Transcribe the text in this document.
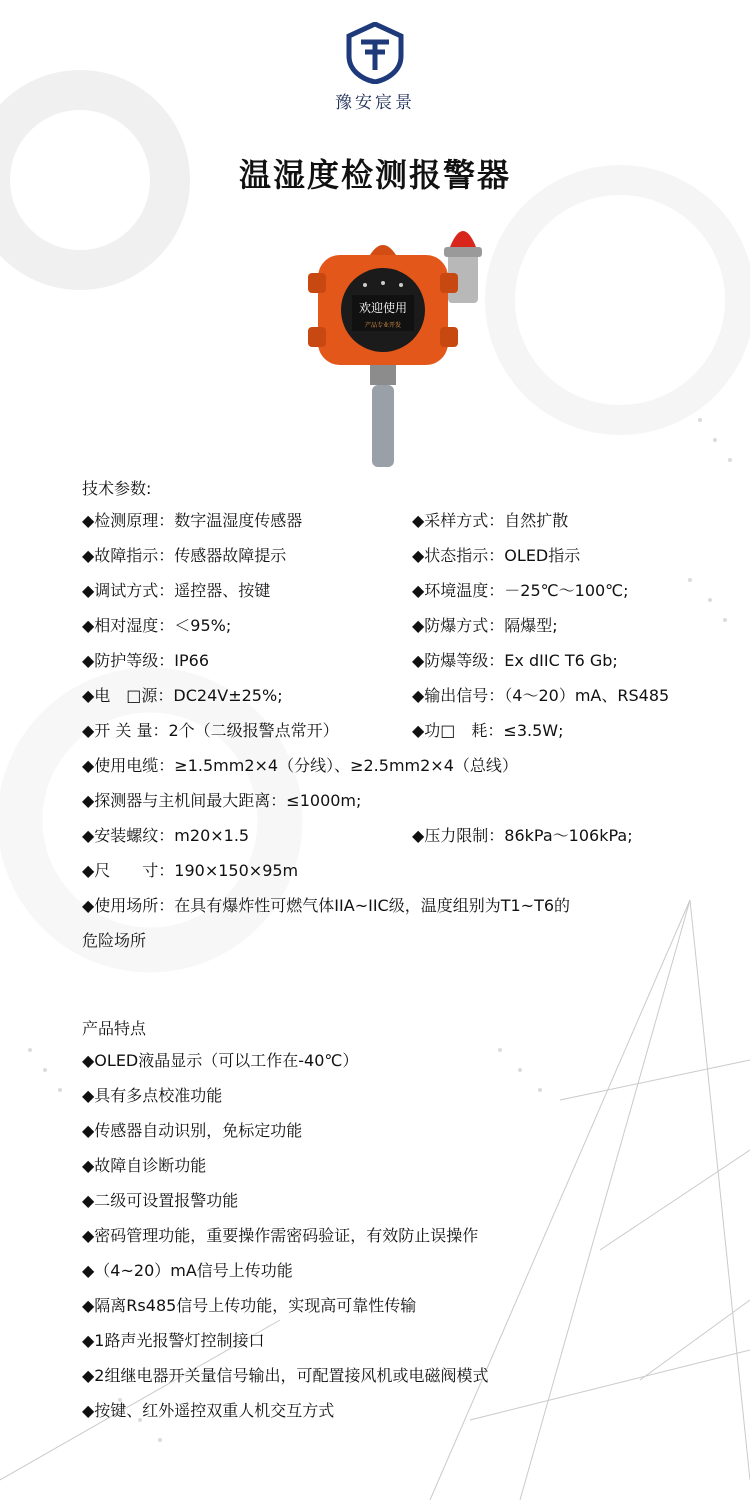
豫安宸景
温湿度检测报警器
欢迎使用
产品专业开发
技术参数:
◆检测原理：数字温湿度传感器	◆采样方式：自然扩散
◆故障指示：传感器故障提示	◆状态指示：OLED指示
◆调试方式：遥控器、按键	◆环境温度：－25℃～100℃;
◆相对湿度：＜95%;	◆防爆方式：隔爆型;
◆防护等级：IP66	◆防爆等级：Ex dIIC T6 Gb;
◆电　□源：DC24V±25%;	◆输出信号：（4～20）mA、RS485
◆开 关 量：2个（二级报警点常开）	◆功□　耗：≤3.5W;
◆使用电缆：≥1.5mm2×4（分线）、≥2.5mm2×4（总线）
◆探测器与主机间最大距离：≤1000m;
◆安装螺纹：m20×1.5	◆压力限制：86kPa～106kPa;
◆尺　　寸：190×150×95m
◆使用场所：在具有爆炸性可燃气体IIA~IIC级，温度组别为T1~T6的
危险场所
产品特点
◆OLED液晶显示（可以工作在-40℃）
◆具有多点校准功能
◆传感器自动识别，免标定功能
◆故障自诊断功能
◆二级可设置报警功能
◆密码管理功能，重要操作需密码验证，有效防止误操作
◆（4~20）mA信号上传功能
◆隔离Rs485信号上传功能，实现高可靠性传输
◆1路声光报警灯控制接口
◆2组继电器开关量信号输出，可配置接风机或电磁阀模式
◆按键、红外遥控双重人机交互方式
